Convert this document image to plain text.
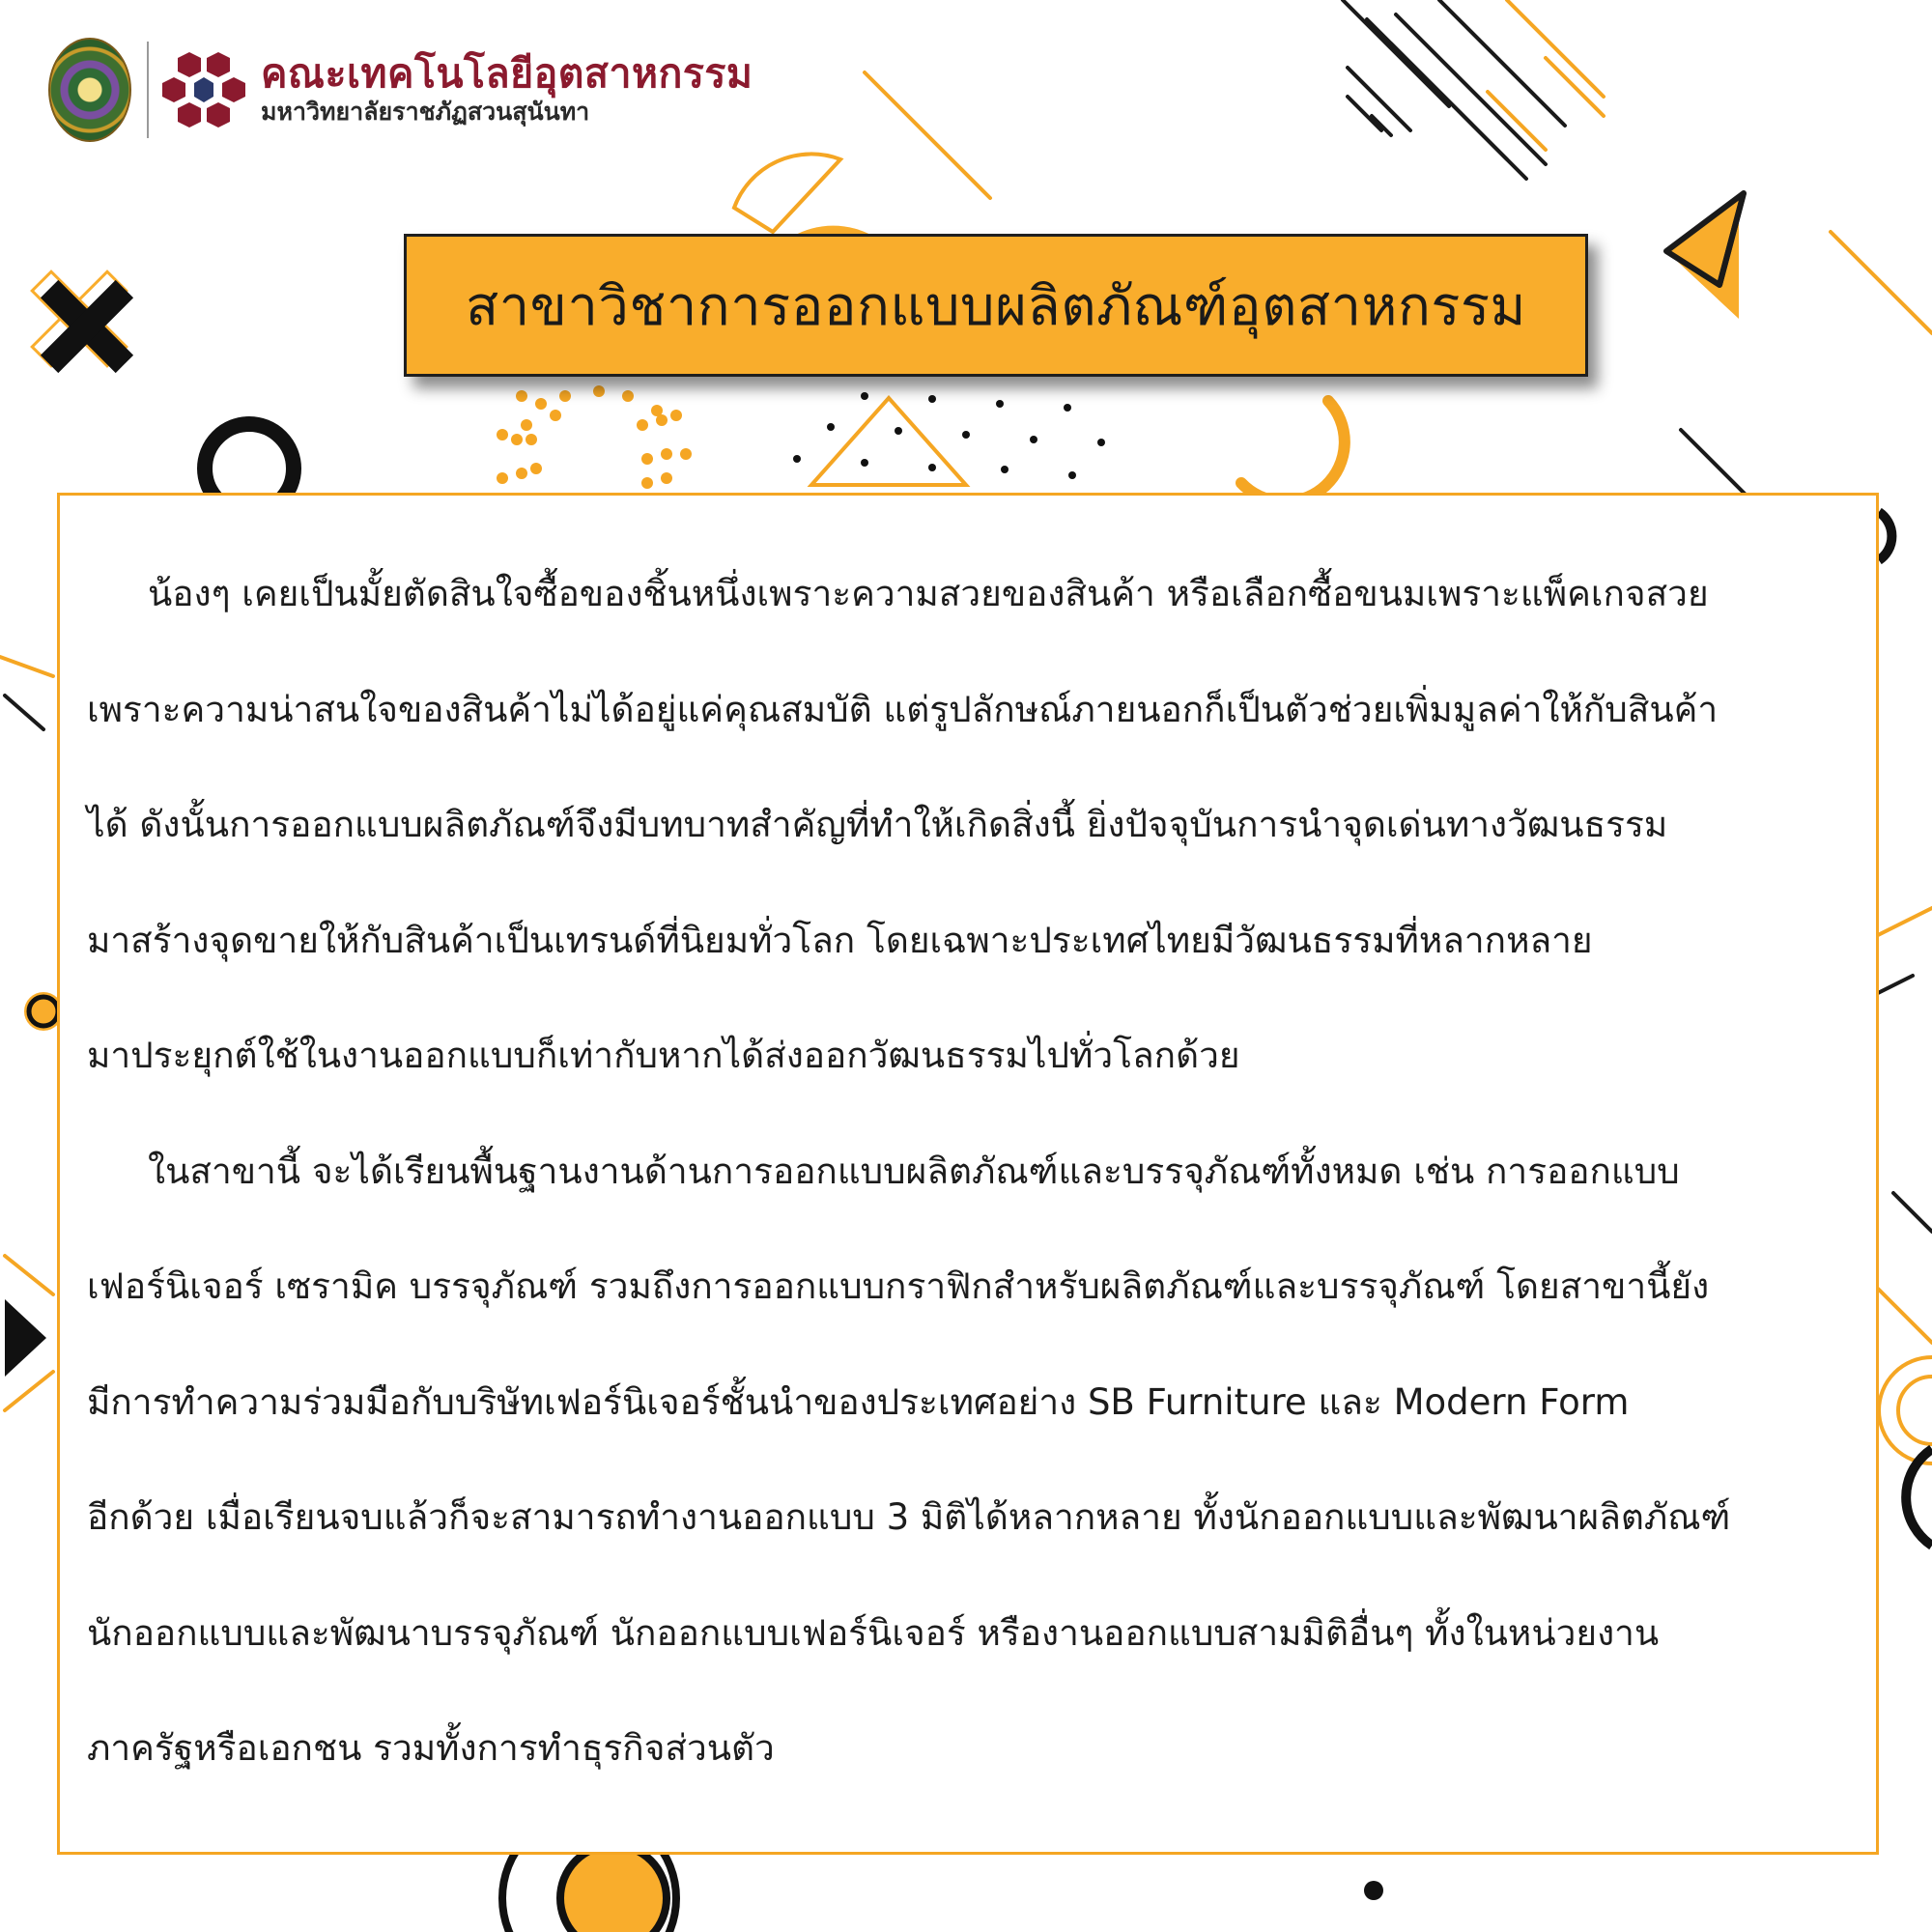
คณะเทคโนโลยีอุตสาหกรรม
มหาวิทยาลัยราชภัฏสวนสุนันทา
สาขาวิชาการออกแบบผลิตภัณฑ์อุตสาหกรรม

น้องๆ เคยเป็นมั้ยตัดสินใจซื้อของชิ้นหนึ่งเพราะความสวยของสินค้า หรือเลือกซื้อขนมเพราะแพ็คเกจสวย
เพราะความน่าสนใจของสินค้าไม่ได้อยู่แค่คุณสมบัติ แต่รูปลักษณ์ภายนอกก็เป็นตัวช่วยเพิ่มมูลค่าให้กับสินค้า
ได้ ดังนั้นการออกแบบผลิตภัณฑ์จึงมีบทบาทสำคัญที่ทำให้เกิดสิ่งนี้ ยิ่งปัจจุบันการนำจุดเด่นทางวัฒนธรรม
มาสร้างจุดขายให้กับสินค้าเป็นเทรนด์ที่นิยมทั่วโลก โดยเฉพาะประเทศไทยมีวัฒนธรรมที่หลากหลาย
มาประยุกต์ใช้ในงานออกแบบก็เท่ากับหากได้ส่งออกวัฒนธรรมไปทั่วโลกด้วย

ในสาขานี้ จะได้เรียนพื้นฐานงานด้านการออกแบบผลิตภัณฑ์และบรรจุภัณฑ์ทั้งหมด เช่น การออกแบบ
เฟอร์นิเจอร์ เซรามิค บรรจุภัณฑ์ รวมถึงการออกแบบกราฟิกสำหรับผลิตภัณฑ์และบรรจุภัณฑ์ โดยสาขานี้ยัง
มีการทำความร่วมมือกับบริษัทเฟอร์นิเจอร์ชั้นนำของประเทศอย่าง SB Furniture และ Modern Form
อีกด้วย เมื่อเรียนจบแล้วก็จะสามารถทำงานออกแบบ 3 มิติได้หลากหลาย ทั้งนักออกแบบและพัฒนาผลิตภัณฑ์
นักออกแบบและพัฒนาบรรจุภัณฑ์ นักออกแบบเฟอร์นิเจอร์ หรืองานออกแบบสามมิติอื่นๆ ทั้งในหน่วยงาน
ภาครัฐหรือเอกชน รวมทั้งการทำธุรกิจส่วนตัว
